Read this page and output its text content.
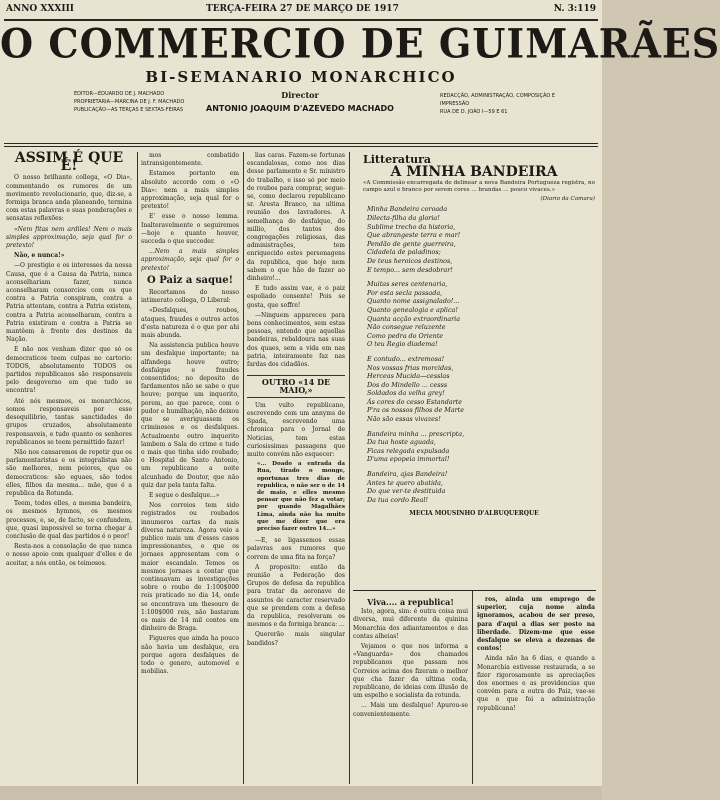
ANNO XXXIII	TERÇA-FEIRA 27 DE MARÇO DE 1917	N. 3:119
O COMMERCIO DE GUIMARÃES
BI-SEMANARIO MONARCHICO
EDITOR—EDUARDO DE J. MACHADO
PROPRIETARIA—MARCINA DE J. F. MACHADO
PUBLICAÇÃO—AS TERÇAS E SEXTAS-FEIRAS
Director
ANTONIO JOAQUIM D'AZEVEDO MACHADO
REDACÇÃO, ADMINISTRAÇÃO, COMPOSIÇÃO E
IMPRESSÃO
RUA DE D. JOÃO I—59 E 61
ASSIM É QUE É!

O nosso brilhante collega, «O Dia», commentando os rumores de um movimento revolucionario, que, diz-se, a formiga branca anda planeando, termina com estas palavras e suas ponderações e sensatas reflexões:

«Nem fitas nem ardiles! Nem o mais simples approximação, seja qual for o pretexto!

Não, e nunca!»

—O prestigio e os interesses da nossa Causa, que é a Causa da Patria, nunca aconselhariam fazer, nunca aconselharam consorcios com os que contra a Patria conspiram, contra a Patria attentam, contra a Patria existem, contra a Patria aconselharam, contra a Patria existiram e contra a Patria se mantêem à frente dos destinos da Nação.

E não nos venham dizer que só os democraticos teem culpas no cartorio: TODOS, absolutamente TODOS os partidos republicanos são responsaveis pelo desgoverno em que tudo se encontra!

Até nós mesmos, os monarchicos, somos responsaveis por esse desequilibrio, tantas sanctidades de grupos cruzados, absolutamente responsaveis, e tudo quanto os senhores republicanos se teem permittido fazer!

Não nos cansaremos de repetir que os parlamentaristas e os integralistas não são melhores, nem peiores, que os democraticos: são eguaes, são todos elles, filhos da mesma... mãe, que é a republica da Rotunda.

Teem, todos elles, a mesma bandeira, os mesmos hymnos, os mesmos processos, e, se, de facto, se confundem, que, quasi impossivel se torna chegar á conclusão de qual das partidos é o peor!

Resta-nos a consolação de que nunca o nosso apoio com qualquer d'elles e de aceitar, a nós então, os teimosos.

mos combatido intransigentemente.

Estamos portanto em absoluto accordo com o «O Dia»: nem a mais simples approximação, seja qual for o pretexto!

E' esse o nosso lemma. Inalteravelmente o seguiremos—hoje e quanto houver, succeda o que succeder.

...Nem a mais simples approximação, seja qual for o pretexto!

O Paiz a saque!

Recortamos do nosso intimerato collega, O Liberal:

«Desfalques, roubos, ataques, fraudes e outros actos d'esta natureza é o que por ahi mais abunda.

Na assistencia publica houve um desfalque importante; na alfandega houve outro; desfalque e fraudes consentidos; no deposito de fardamentos não se sabe o que houve; porque um inquerito, porem, ao que parece, com o pudor e humilhação, não deixou que se averiguassem os criminosos e os desfalques. Actualmente outro inquerito lambem a Sala do crime e tudo o mais que tinha sido roubado; o Hospital de Santo Antonio, um republicano a noite alcunhado de Doutor, que não quiz dar pela tanta falta.

E segue o desfalque...»

Nos correios tem sido registrados ou roubados innumeros cartas da mais diversa natureza. Agora veio a publico mais um d'esses casos impressionantes, e que os jornaes appresentam com o maior escandalo. Temos os mesmos jornaes a contar que continuavam as investigações sobre o roubo de 1:100$000 reis praticado no dia 14, onde se encontrava um thesouro de 1:100$000 reis, não bastaram os mais de 14 mil contos em dinheiro de Braga.

Figueres que ainda ha pouco não havia um desfalque, era porque agora desfalques de todo o genero, automovel e mobilias.

lias caras. Fazem-se fortunas escandalosas, como nos dias desse parlamento e Sr. ministro do trabalho, e isso só por meio de roubos para comprar, segue-se, como declarou republicano sr. Aresta Branco, na ultima reunião dos lavradores. A semelhança do desfalque, do millio, dos tantos dos congregações religiosas, das administrações, tem enriquecido estes personagens da republica, que hoje nem sabem o que hão de fazer ao dinheiro!...

E tudo assim vae, e o paiz espoliado consente! Pois se gosta, que soffre!

—Ninguem appareceu para bons conhecimentos, sem estas pessoas, entendo que aquellas bandeiras, rebaldoura nas suas dos quaes, sem a vida em nas patria, inteiramente faz nas fardas dos cidadãos.

OUTRO «14 DE MAIO,»

Um vulto republicano, escrevendo com um annyms de Spada, escrevendo uma chronica para o Jornal de Noticias, tem estas curiosissimas passagens que muito convém não esquecer:

«... Doado a entrada da Rua, tirado o monge, oportunas tres dias de republica, o não ser o de 14 de maio, e elles mesmo pensar que não fez a votar; por quando Magalhães Lima, ainda não ha muito que me dizer que era preciso fazer outro 14...»

—E, se ligassemos essas palavras aos rumores que correm de uma fita na força?

A proposito: então da reunião a Federação dos Grupos de defesa da republica para tratar da aeronave de assuntos de caracter reservado que se prendem com a defesa da republica, resolveram os mesmos e da formiga branca: ...

Quererão mais singular bandidos?

Litteratura
A MINHA BANDEIRA
«A Commissão encarregada de delinear a nova Bandeira Portugueza registra, no campo azul e branco por serem cores ... brandas ... pouco vivaces.»
(Diario da Camara)
Minha Bandeira coroada
Dilecta-filha da gloria!
Sublime trecho da historia,
Que abrangeste terra e mar!
Pendão de gente guerreira,
Cidadela de paladinos;
De teus heroicos destinos,
E tempo... sem desdobrar!
Muitas seres centenaria,
Por esta secla passada,
Quanto nome assignalado!...
Quanto genealogia e aplica!
Quanta acção extraordinaria
Não consegue reluzente
Como pedra do Oriente
O teu Regio diadema!
E contudo... extremosa!
Nos vossas frias morcidas,
Herceas Mucida—cesslas
Dos do Mindello ... cesss
Soldados da velha grey!
Ás cores do cesso Estandarte
P'ra os nossos filhos de Marte
Não são essas vivazes!
Bandeira minha ... prescripta,
Da tua hoste aguada,
Ficas relegada expulsada
D'uma epopeia immortal!
Bandeira, ajas Bandeira!
Antes te quero abatida,
Do que ver-te destituida
Da tua cordo Real!
MECIA MOUSINHO D'ALBUQUERQUE
Viva.... a republica!

Isto, agora, sim: é outra coisa mui diversa, mui diferente da quinina Monarchia dos adiantamentos e das contas alheias!

Vejamos o que nos informa a «Vanguarda» dos chamados republicanos que passam nos Correios acima dos fizeram o melhor que cha fazer da ultima coda, republicano, de ideias com illusão de um espelho e socialista da rotunda.

... Mais um desfalque! Apurou-se convenientemente.

ros, ainda um emprego de superior, cuja nome ainda ignoramos, acabou de ser preso, para d'aqui a dias ser posto na liberdade. Dizem-me que esse desfalque se eleva a dezenas de contos!

Ainda não ha 6 dias, e quando a Monarchia estivesse restaurada, a se fizer rigorosamente as apreciações dos enormes e as providencias que convém para a outra do Paiz, vae-se que o que foi a administração republicana!
